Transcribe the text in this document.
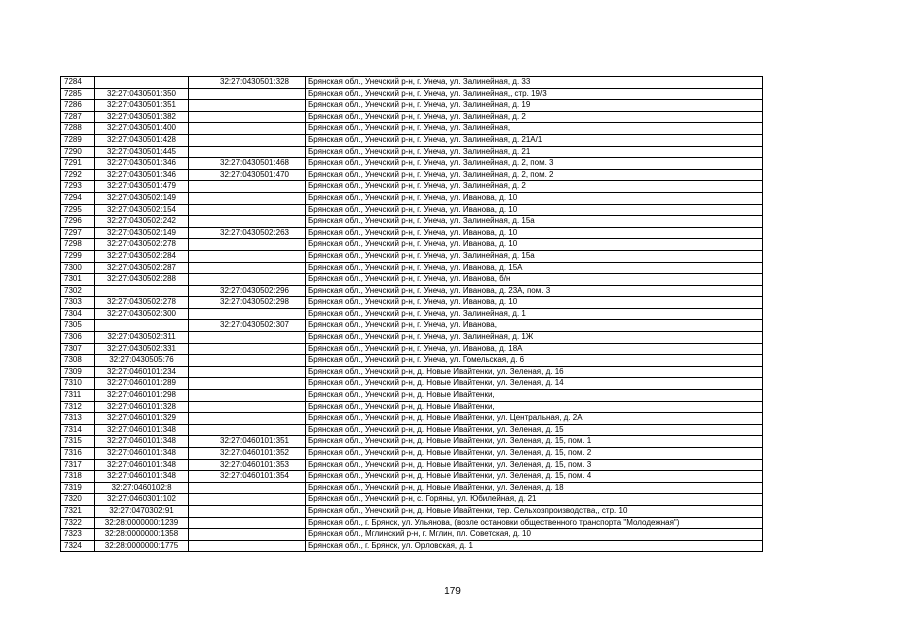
7284		32:27:0430501:328	Брянская обл., Унечский р-н, г. Унеча, ул. Залинейная, д. 33
7285	32:27:0430501:350		Брянская обл., Унечский р-н, г. Унеча, ул. Залинейная,, стр. 19/3
7286	32:27:0430501:351		Брянская обл., Унечский р-н, г. Унеча, ул. Залинейная, д. 19
7287	32:27:0430501:382		Брянская обл., Унечский р-н, г. Унеча, ул. Залинейная, д. 2
7288	32:27:0430501:400		Брянская обл., Унечский р-н, г. Унеча, ул. Залинейная,
7289	32:27:0430501:428		Брянская обл., Унечский р-н, г. Унеча, ул. Залинейная, д. 21А/1
7290	32:27:0430501:445		Брянская обл., Унечский р-н, г. Унеча, ул. Залинейная, д. 21
7291	32:27:0430501:346	32:27:0430501:468	Брянская обл., Унечский р-н, г. Унеча, ул. Залинейная, д. 2, пом. 3
7292	32:27:0430501:346	32:27:0430501:470	Брянская обл., Унечский р-н, г. Унеча, ул. Залинейная, д. 2, пом. 2
7293	32:27:0430501:479		Брянская обл., Унечский р-н, г. Унеча, ул. Залинейная, д. 2
7294	32:27:0430502:149		Брянская обл., Унечский р-н, г. Унеча, ул. Иванова, д. 10
7295	32:27:0430502:154		Брянская обл., Унечский р-н, г. Унеча, ул. Иванова, д. 10
7296	32:27:0430502:242		Брянская обл., Унечский р-н, г. Унеча, ул. Залинейная, д. 15а
7297	32:27:0430502:149	32:27:0430502:263	Брянская обл., Унечский р-н, г. Унеча, ул. Иванова, д. 10
7298	32:27:0430502:278		Брянская обл., Унечский р-н, г. Унеча, ул. Иванова, д. 10
7299	32:27:0430502:284		Брянская обл., Унечский р-н, г. Унеча, ул. Залинейная, д. 15а
7300	32:27:0430502:287		Брянская обл., Унечский р-н, г. Унеча, ул. Иванова, д. 15А
7301	32:27:0430502:288		Брянская обл., Унечский р-н, г. Унеча, ул. Иванова, б/н
7302		32:27:0430502:296	Брянская обл., Унечский р-н, г. Унеча, ул. Иванова, д. 23А, пом. 3
7303	32:27:0430502:278	32:27:0430502:298	Брянская обл., Унечский р-н, г. Унеча, ул. Иванова, д. 10
7304	32:27:0430502:300		Брянская обл., Унечский р-н, г. Унеча, ул. Залинейная, д. 1
7305		32:27:0430502:307	Брянская обл., Унечский р-н, г. Унеча, ул. Иванова,
7306	32:27:0430502:311		Брянская обл., Унечский р-н, г. Унеча, ул. Залинейная, д. 1Ж
7307	32:27:0430502:331		Брянская обл., Унечский р-н, г. Унеча, ул. Иванова, д. 18А
7308	32:27:0430505:76		Брянская обл., Унечский р-н, г. Унеча, ул. Гомельская, д. 6
7309	32:27:0460101:234		Брянская обл., Унечский р-н, д. Новые Ивайтенки, ул. Зеленая, д. 16
7310	32:27:0460101:289		Брянская обл., Унечский р-н, д. Новые Ивайтенки, ул. Зеленая, д. 14
7311	32:27:0460101:298		Брянская обл., Унечский р-н, д. Новые Ивайтенки,
7312	32:27:0460101:328		Брянская обл., Унечский р-н, д. Новые Ивайтенки,
7313	32:27:0460101:329		Брянская обл., Унечский р-н, д. Новые Ивайтенки, ул. Центральная, д. 2А
7314	32:27:0460101:348		Брянская обл., Унечский р-н, д. Новые Ивайтенки, ул. Зеленая, д. 15
7315	32:27:0460101:348	32:27:0460101:351	Брянская обл., Унечский р-н, д. Новые Ивайтенки, ул. Зеленая, д. 15, пом. 1
7316	32:27:0460101:348	32:27:0460101:352	Брянская обл., Унечский р-н, д. Новые Ивайтенки, ул. Зеленая, д. 15, пом. 2
7317	32:27:0460101:348	32:27:0460101:353	Брянская обл., Унечский р-н, д. Новые Ивайтенки, ул. Зеленая, д. 15, пом. 3
7318	32:27:0460101:348	32:27:0460101:354	Брянская обл., Унечский р-н, д. Новые Ивайтенки, ул. Зеленая, д. 15, пом. 4
7319	32:27:0460102:8		Брянская обл., Унечский р-н, д. Новые Ивайтенки, ул. Зеленая, д. 18
7320	32:27:0460301:102		Брянская обл., Унечский р-н, с. Горяны, ул. Юбилейная, д. 21
7321	32:27:0470302:91		Брянская обл., Унечский р-н, д. Новые Ивайтенки, тер. Сельхозпроизводства,, стр. 10
7322	32:28:0000000:1239		Брянская обл., г. Брянск, ул. Ульянова, (возле остановки общественного транспорта "Молодежная")
7323	32:28:0000000:1358		Брянская обл., Мглинский р-н, г. Мглин, пл. Советская, д. 10
7324	32:28:0000000:1775		Брянская обл., г. Брянск, ул. Орловская, д. 1
179
